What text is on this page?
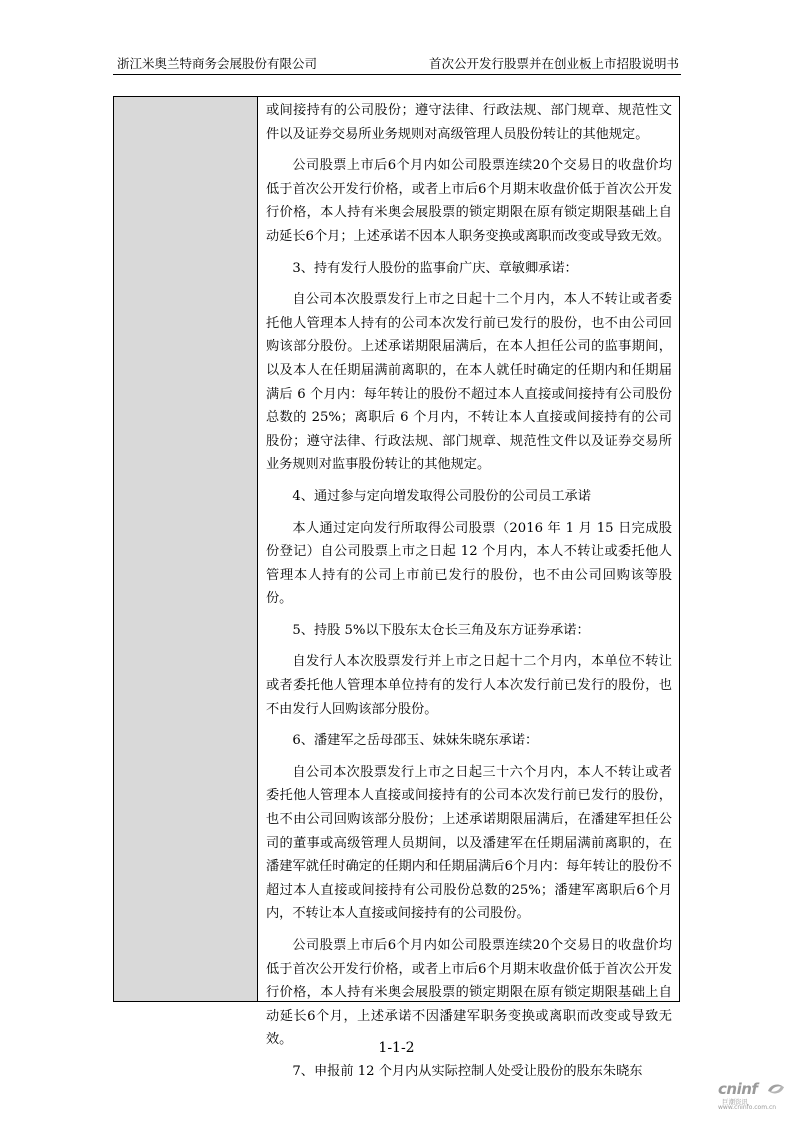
浙江米奥兰特商务会展股份有限公司	首次公开发行股票并在创业板上市招股说明书

或间接持有的公司股份；遵守法律、行政法规、部门规章、规范性文件以及证券交易所业务规则对高级管理人员股份转让的其他规定。

公司股票上市后6个月内如公司股票连续20个交易日的收盘价均低于首次公开发行价格，或者上市后6个月期末收盘价低于首次公开发行价格，本人持有米奥会展股票的锁定期限在原有锁定期限基础上自动延长6个月；上述承诺不因本人职务变换或离职而改变或导致无效。

3、持有发行人股份的监事俞广庆、章敏卿承诺：

自公司本次股票发行上市之日起十二个月内，本人不转让或者委托他人管理本人持有的公司本次发行前已发行的股份，也不由公司回购该部分股份。上述承诺期限届满后，在本人担任公司的监事期间，以及本人在任期届满前离职的，在本人就任时确定的任期内和任期届满后 6 个月内：每年转让的股份不超过本人直接或间接持有公司股份总数的 25%；离职后 6 个月内，不转让本人直接或间接持有的公司股份；遵守法律、行政法规、部门规章、规范性文件以及证券交易所业务规则对监事股份转让的其他规定。

4、通过参与定向增发取得公司股份的公司员工承诺

本人通过定向发行所取得公司股票（2016 年 1 月 15 日完成股份登记）自公司股票上市之日起 12 个月内，本人不转让或委托他人管理本人持有的公司上市前已发行的股份，也不由公司回购该等股份。

5、持股 5%以下股东太仓长三角及东方证券承诺：

自发行人本次股票发行并上市之日起十二个月内，本单位不转让或者委托他人管理本单位持有的发行人本次发行前已发行的股份，也不由发行人回购该部分股份。

6、潘建军之岳母邵玉、妹妹朱晓东承诺：

自公司本次股票发行上市之日起三十六个月内，本人不转让或者委托他人管理本人直接或间接持有的公司本次发行前已发行的股份，也不由公司回购该部分股份；上述承诺期限届满后，在潘建军担任公司的董事或高级管理人员期间，以及潘建军在任期届满前离职的，在潘建军就任时确定的任期内和任期届满后6个月内：每年转让的股份不超过本人直接或间接持有公司股份总数的25%；潘建军离职后6个月内，不转让本人直接或间接持有的公司股份。

公司股票上市后6个月内如公司股票连续20个交易日的收盘价均低于首次公开发行价格，或者上市后6个月期末收盘价低于首次公开发行价格，本人持有米奥会展股票的锁定期限在原有锁定期限基础上自动延长6个月，上述承诺不因潘建军职务变换或离职而改变或导致无效。

7、申报前 12 个月内从实际控制人处受让股份的股东朱晓东

1-1-2
cninf
巨潮资讯
www.cninfo.com.cn
